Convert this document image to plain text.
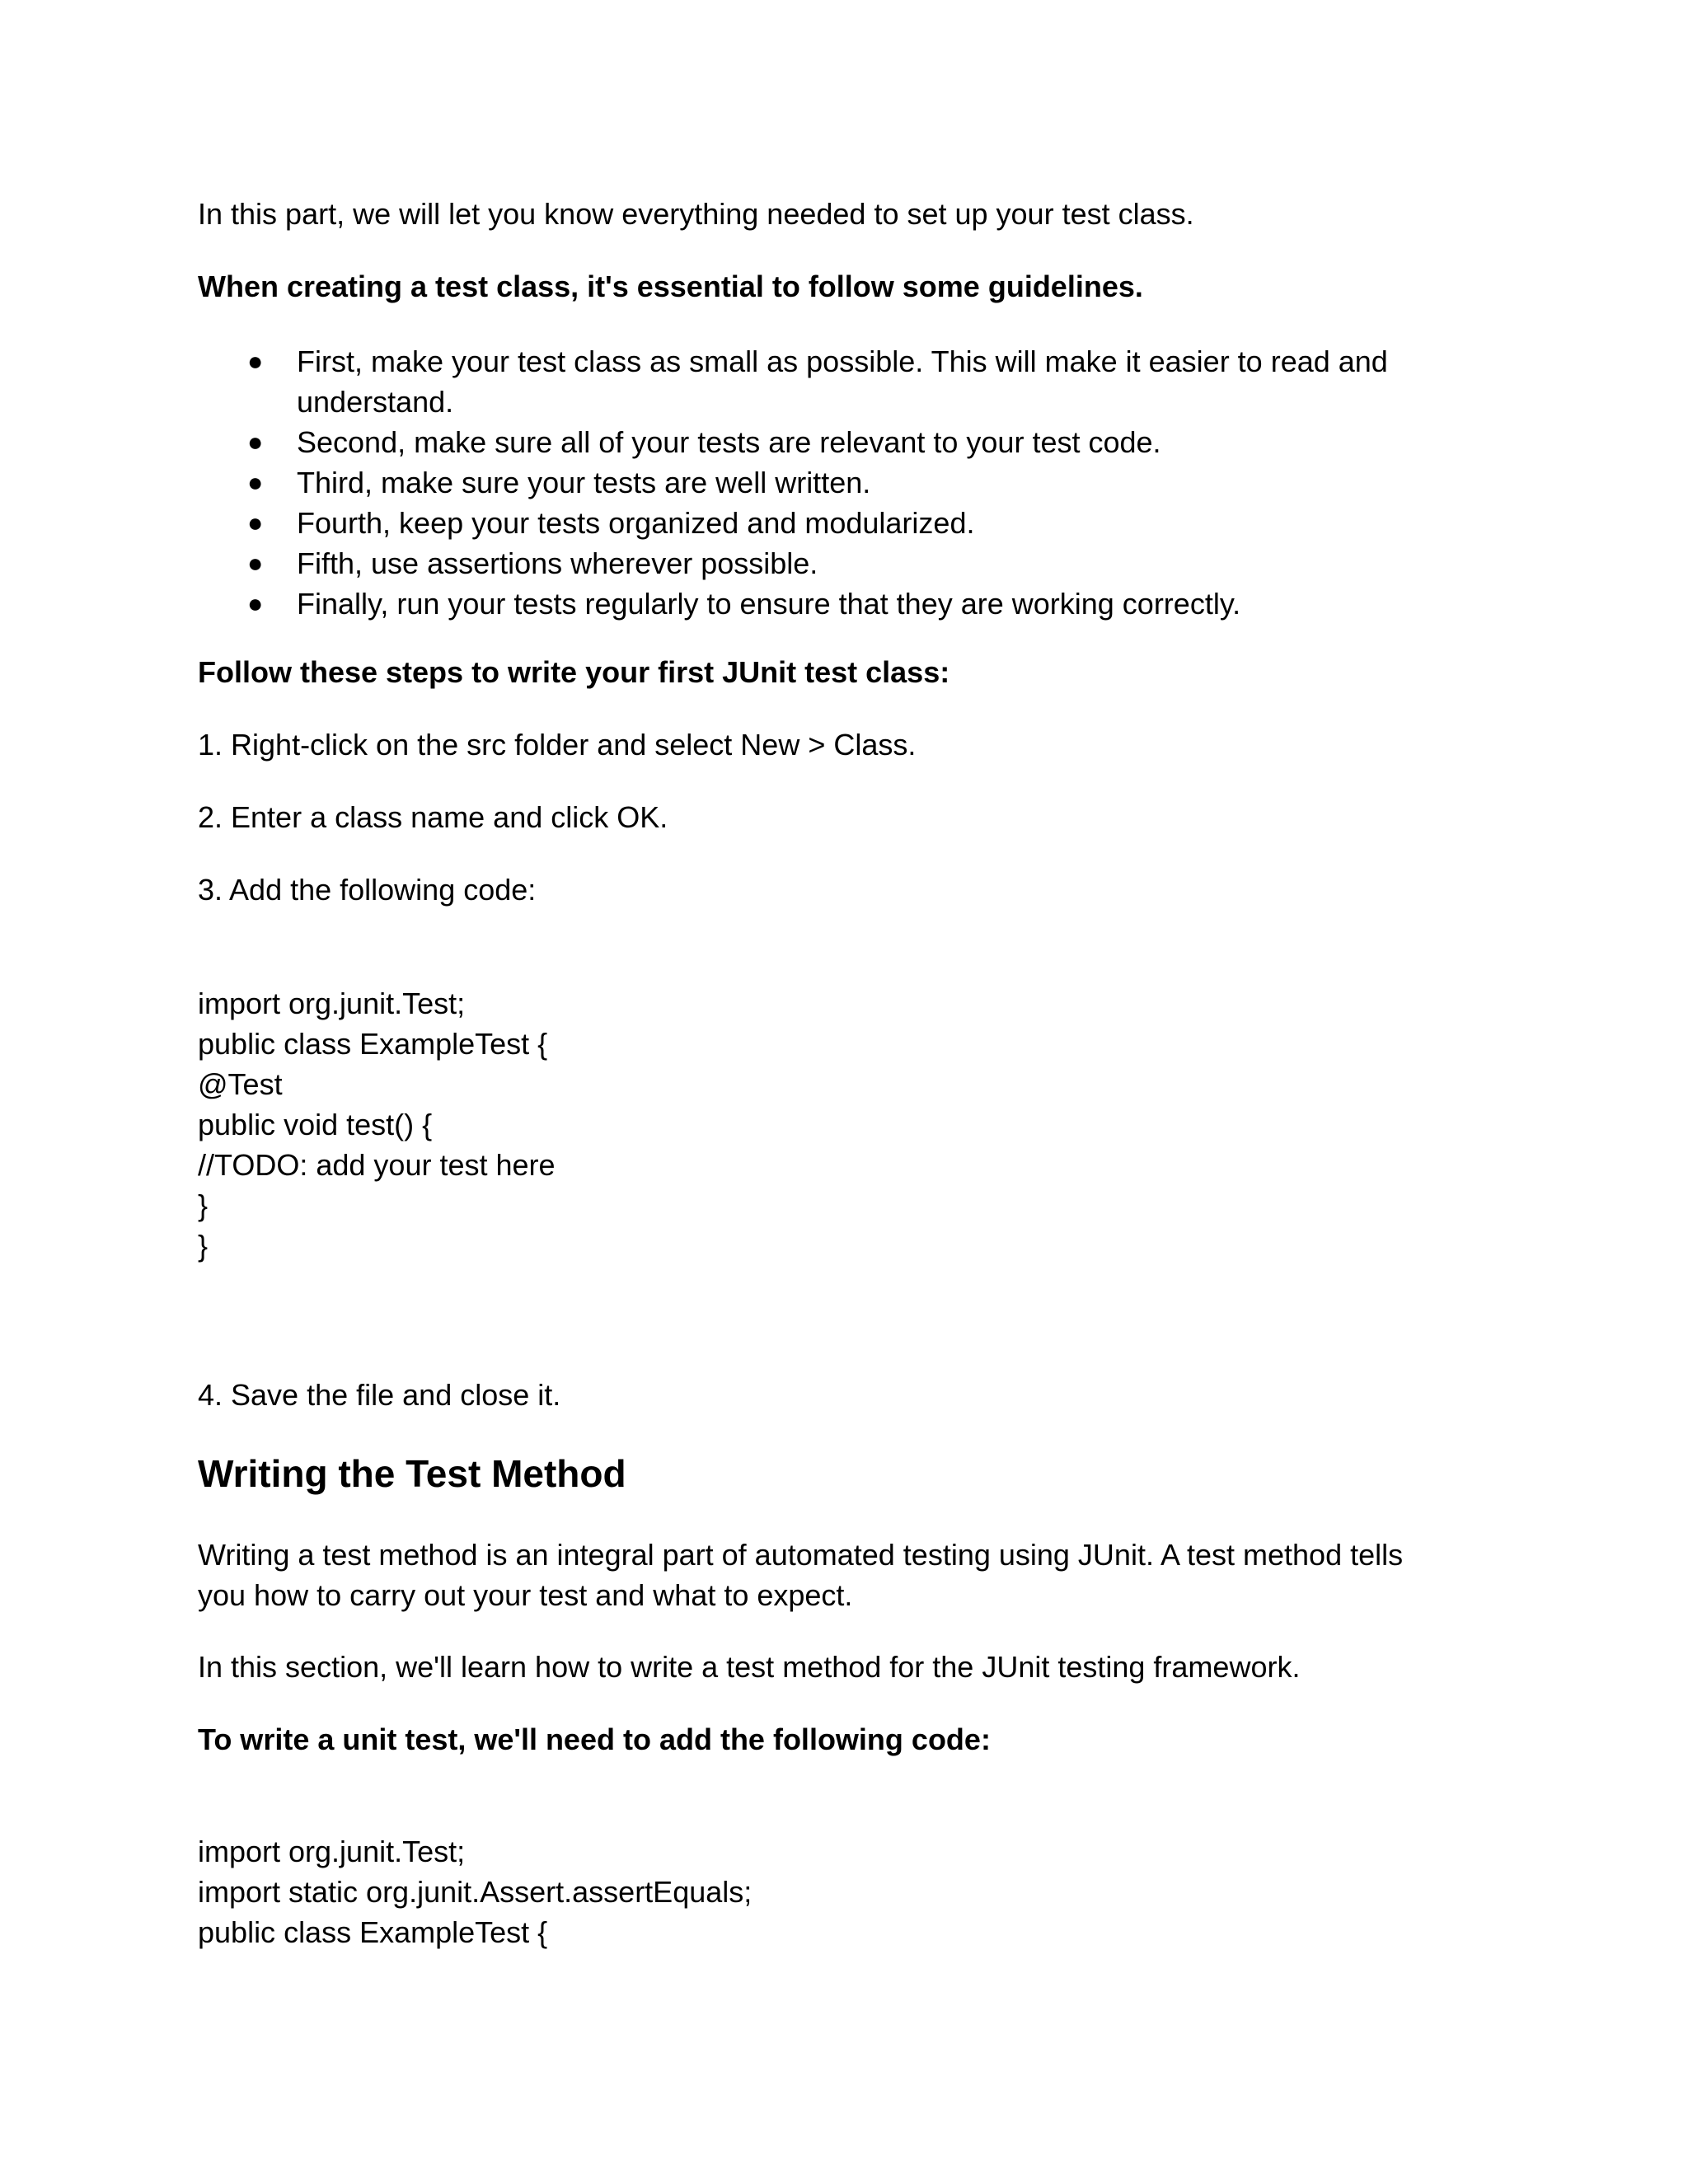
In this part, we will let you know everything needed to set up your test class.
When creating a test class, it's essential to follow some guidelines.
● First, make your test class as small as possible. This will make it easier to read and understand.
● Second, make sure all of your tests are relevant to your test code.
● Third, make sure your tests are well written.
● Fourth, keep your tests organized and modularized.
● Fifth, use assertions wherever possible.
● Finally, run your tests regularly to ensure that they are working correctly.
Follow these steps to write your first JUnit test class:
1. Right-click on the src folder and select New > Class.
2. Enter a class name and click OK.
3. Add the following code:
import org.junit.Test;
public class ExampleTest {
@Test
public void test() {
//TODO: add your test here
}
}
4. Save the file and close it.
Writing the Test Method
Writing a test method is an integral part of automated testing using JUnit. A test method tells you how to carry out your test and what to expect.
In this section, we'll learn how to write a test method for the JUnit testing framework.
To write a unit test, we'll need to add the following code:
import org.junit.Test;
import static org.junit.Assert.assertEquals;
public class ExampleTest {
